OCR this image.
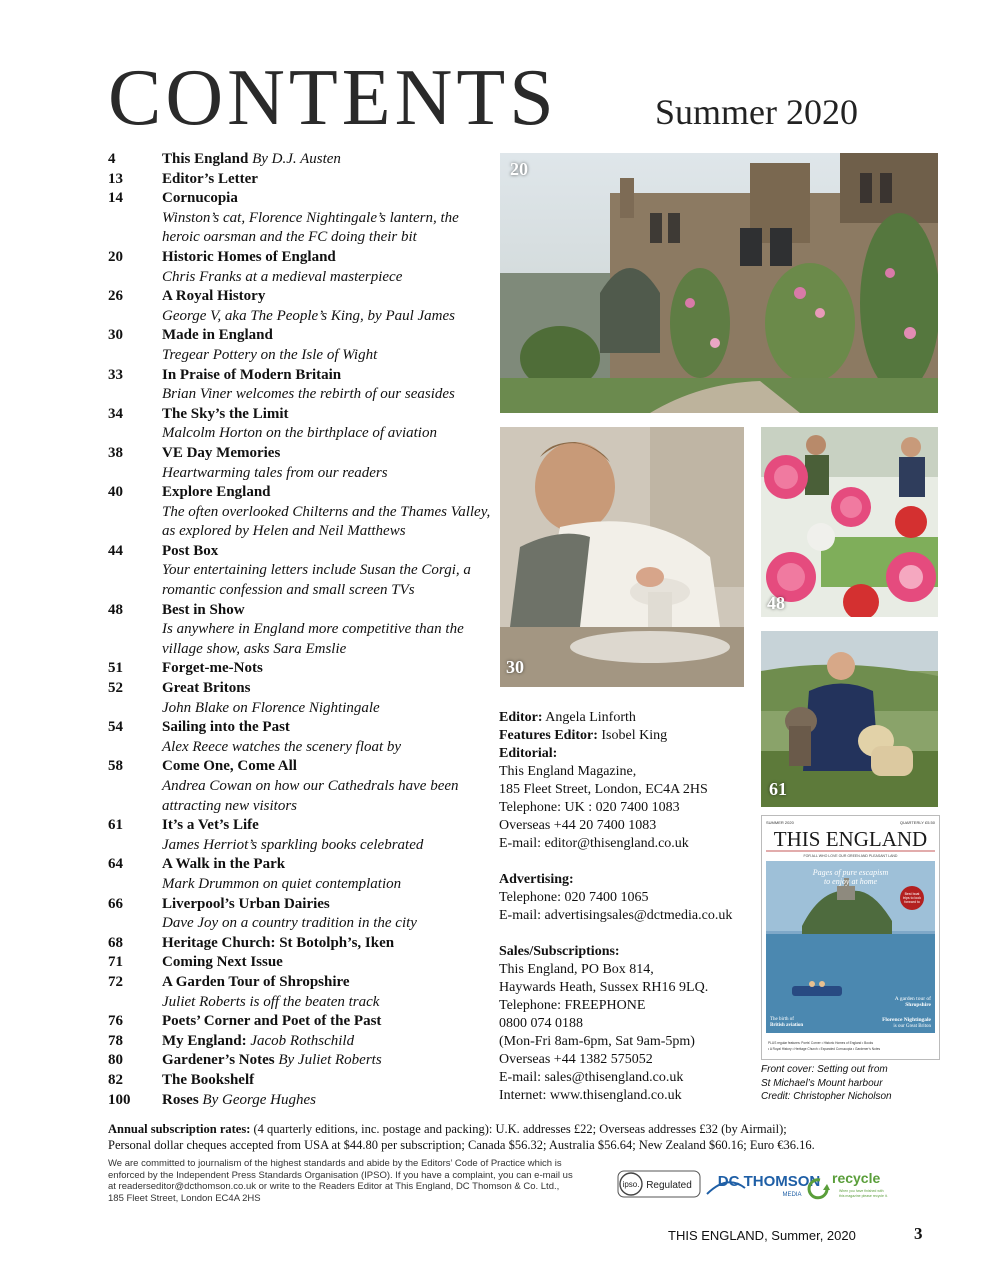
CONTENTS	Summer 2020
4	This England By D.J. Austen
13	Editor’s Letter
14	Cornucopia
Winston’s cat, Florence Nightingale’s lantern, the heroic oarsman and the FC doing their bit
20	Historic Homes of England
Chris Franks at a medieval masterpiece
26	A Royal History
George V, aka The People’s King, by Paul James
30	Made in England
Tregear Pottery on the Isle of Wight
33	In Praise of Modern Britain
Brian Viner welcomes the rebirth of our seasides
34	The Sky’s the Limit
Malcolm Horton on the birthplace of aviation
38	VE Day Memories
Heartwarming tales from our readers
40	Explore England
The often overlooked Chilterns and the Thames Valley, as explored by Helen and Neil Matthews
44	Post Box
Your entertaining letters include Susan the Corgi, a romantic confession and small screen TVs
48	Best in Show
Is anywhere in England more competitive than the village show, asks Sara Emslie
51	Forget-me-Nots
52	Great Britons
John Blake on Florence Nightingale
54	Sailing into the Past
Alex Reece watches the scenery float by
58	Come One, Come All
Andrea Cowan on how our Cathedrals have been attracting new visitors
61	It’s a Vet’s Life
James Herriot’s sparkling books celebrated
64	A Walk in the Park
Mark Drummon on quiet contemplation
66	Liverpool’s Urban Dairies
Dave Joy on a country tradition in the city
68	Heritage Church: St Botolph’s, Iken
71	Coming Next Issue
72	A Garden Tour of Shropshire
Juliet Roberts is off the beaten track
76	Poets’ Corner and Poet of the Past
78	My England: Jacob Rothschild
80	Gardener’s Notes By Juliet Roberts
82	The Bookshelf
100	Roses By George Hughes
20
30
48
61
Editor: Angela Linforth
Features Editor: Isobel King
Editorial:
This England Magazine,
185 Fleet Street, London, EC4A 2HS
Telephone: UK : 020 7400 1083
Overseas +44 20 7400 1083
E-mail: editor@thisengland.co.uk
Advertising:
Telephone: 020 7400 1065
E-mail: advertisingsales@dctmedia.co.uk
Sales/Subscriptions:
This England, PO Box 814,
Haywards Heath, Sussex RH16 9LQ.
Telephone: FREEPHONE
0800 074 0188
(Mon-Fri 8am-6pm, Sat 9am-5pm)
Overseas +44 1382 575052
E-mail: sales@thisengland.co.uk
Internet: www.thisengland.co.uk
SUMMER 2020	QUARTERLY £5.50
THIS ENGLAND
FOR ALL WHO LOVE OUR GREEN AND PLEASANT LAND
Pages of pure escapism
to enjoy at home
Best boat
trips to look
forward to
The birth of
British aviation
A garden tour of
Shropshire
Florence Nightingale
is our Great Briton
PLUS regular features: Poets’ Corner • Historic Homes of England • Books
• A Royal History • Heritage Church • Expanded Cornucopia • Gardener’s Notes
Front cover: Setting out from
St Michael’s Mount harbour
Credit: Christopher Nicholson
Annual subscription rates: (4 quarterly editions, inc. postage and packing): U.K. addresses £22; Overseas addresses £32 (by Airmail);
Personal dollar cheques accepted from USA at $44.80 per subscription; Canada $56.32; Australia $56.64; New Zealand $60.16; Euro €36.16.
We are committed to journalism of the highest standards and abide by the Editors’ Code of Practice which is
enforced by the Independent Press Standards Organisation (IPSO). If you have a complaint, you can e-mail us
at readerseditor@dcthomson.co.uk or write to the Readers Editor at This England, DC Thomson & Co. Ltd.,
185 Fleet Street, London EC4A 2HS
ipso. Regulated DC THOMSON
MEDIA
recycle
When you have finished with
this magazine please recycle it.
THIS ENGLAND, Summer, 2020	3
